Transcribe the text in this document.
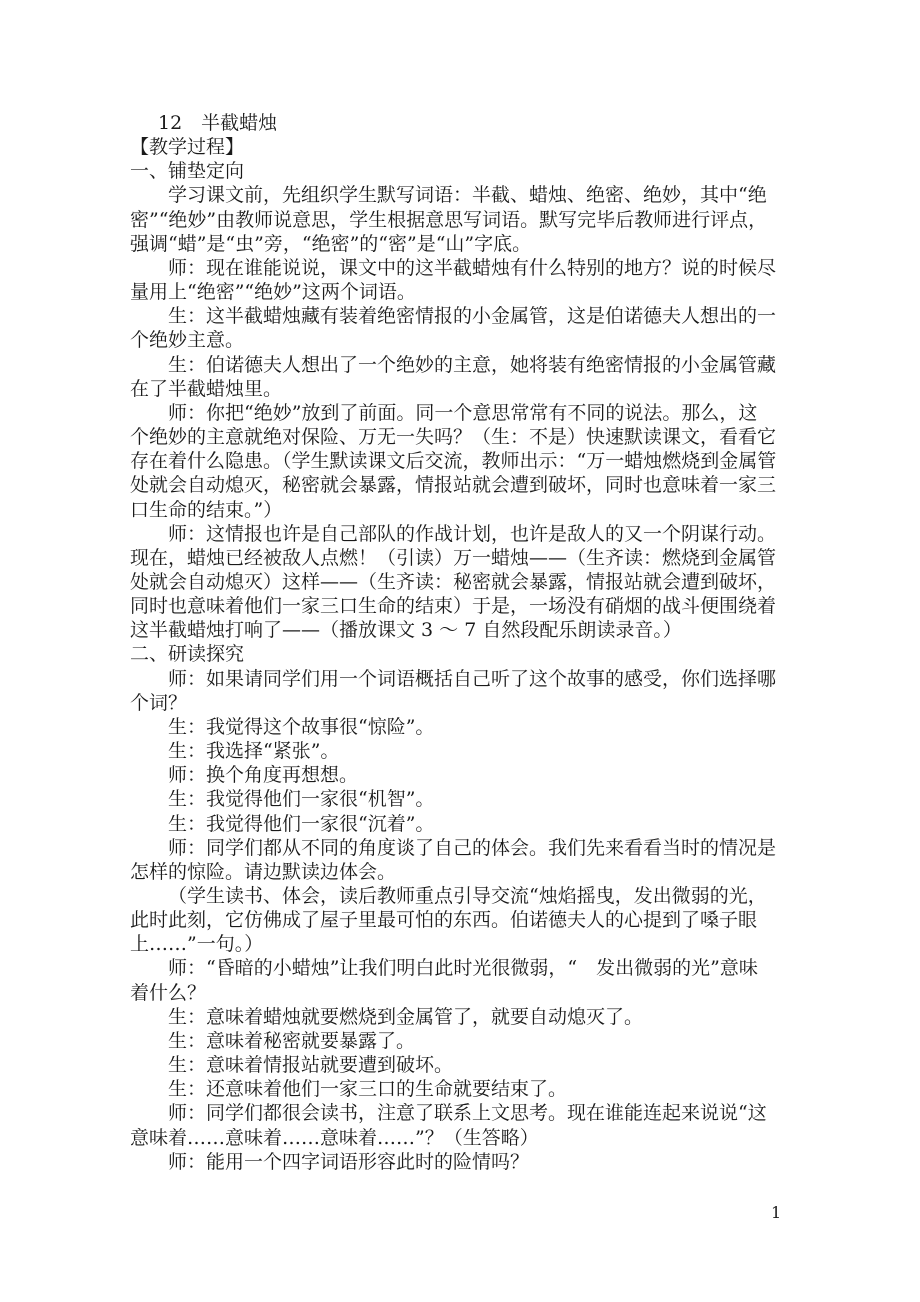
12　半截蜡烛
【教学过程】
一、铺垫定向
学习课文前，先组织学生默写词语：半截、蜡烛、绝密、绝妙，其中“绝
密”“绝妙”由教师说意思，学生根据意思写词语。默写完毕后教师进行评点，
强调“蜡”是“虫”旁，“绝密”的“密”是“山”字底。
师：现在谁能说说，课文中的这半截蜡烛有什么特别的地方？说的时候尽
量用上“绝密”“绝妙”这两个词语。
生：这半截蜡烛藏有装着绝密情报的小金属管，这是伯诺德夫人想出的一
个绝妙主意。
生：伯诺德夫人想出了一个绝妙的主意，她将装有绝密情报的小金属管藏
在了半截蜡烛里。
师：你把“绝妙”放到了前面。同一个意思常常有不同的说法。那么，这
个绝妙的主意就绝对保险、万无一失吗？（生：不是）快速默读课文，看看它
存在着什么隐患。（学生默读课文后交流，教师出示：“万一蜡烛燃烧到金属管
处就会自动熄灭，秘密就会暴露，情报站就会遭到破坏，同时也意味着一家三
口生命的结束。”）
师：这情报也许是自己部队的作战计划，也许是敌人的又一个阴谋行动。
现在，蜡烛已经被敌人点燃！（引读）万一蜡烛——（生齐读：燃烧到金属管
处就会自动熄灭）这样——（生齐读：秘密就会暴露，情报站就会遭到破坏，
同时也意味着他们一家三口生命的结束）于是，一场没有硝烟的战斗便围绕着
这半截蜡烛打响了——（播放课文 3 ～ 7 自然段配乐朗读录音。）
二、研读探究
师：如果请同学们用一个词语概括自己听了这个故事的感受，你们选择哪
个词？
生：我觉得这个故事很“惊险”。
生：我选择“紧张”。
师：换个角度再想想。
生：我觉得他们一家很“机智”。
生：我觉得他们一家很“沉着”。
师：同学们都从不同的角度谈了自己的体会。我们先来看看当时的情况是
怎样的惊险。请边默读边体会。
（学生读书、体会，读后教师重点引导交流“烛焰摇曳，发出微弱的光，
此时此刻，它仿佛成了屋子里最可怕的东西。伯诺德夫人的心提到了嗓子眼
上……”一句。）
师：“昏暗的小蜡烛”让我们明白此时光很微弱，“　发出微弱的光”意味
着什么？
生：意味着蜡烛就要燃烧到金属管了，就要自动熄灭了。
生：意味着秘密就要暴露了。
生：意味着情报站就要遭到破坏。
生：还意味着他们一家三口的生命就要结束了。
师：同学们都很会读书，注意了联系上文思考。现在谁能连起来说说“这
意味着……意味着……意味着……”？（生答略）
师：能用一个四字词语形容此时的险情吗？
1
